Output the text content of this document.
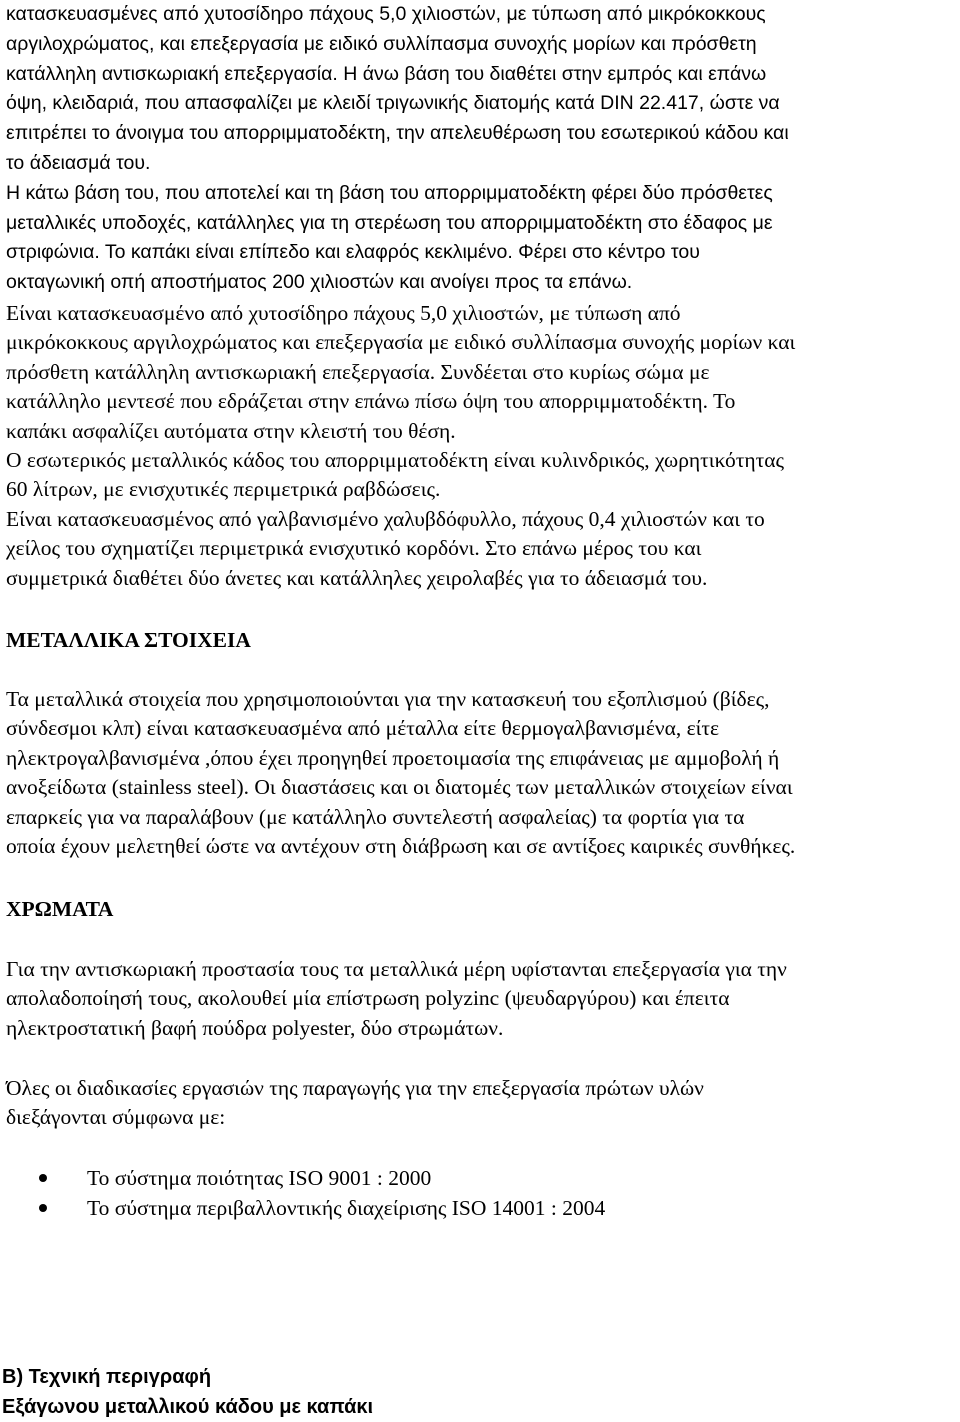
κατασκευασμένες από χυτοσίδηρο πάχους 5,0 χιλιοστών, με τύπωση από μικρόκοκκους
αργιλοχρώματος, και επεξεργασία με ειδικό συλλίπασμα συνοχής μορίων και πρόσθετη
κατάλληλη αντισκωριακή επεξεργασία. Η άνω βάση του διαθέτει στην εμπρός και επάνω
όψη, κλειδαριά, που απασφαλίζει με κλειδί τριγωνικής διατομής κατά DIN 22.417, ώστε να
επιτρέπει το άνοιγμα του απορριμματοδέκτη, την απελευθέρωση του εσωτερικού κάδου και
το άδειασμά του.
Η κάτω βάση του, που αποτελεί και τη βάση του απορριμματοδέκτη φέρει δύο πρόσθετες
μεταλλικές υποδοχές, κατάλληλες για τη στερέωση του απορριμματοδέκτη στο έδαφος με
στριφώνια. Το καπάκι είναι επίπεδο και ελαφρός κεκλιμένο. Φέρει στο κέντρο του
οκταγωνική οπή αποστήματος 200 χιλιοστών και ανοίγει προς τα επάνω.
Είναι κατασκευασμένο από χυτοσίδηρο πάχους 5,0 χιλιοστών, με τύπωση από
μικρόκοκκους αργιλοχρώματος και επεξεργασία με ειδικό συλλίπασμα συνοχής μορίων και
πρόσθετη κατάλληλη αντισκωριακή επεξεργασία. Συνδέεται στο κυρίως σώμα με
κατάλληλο μεντεσέ που εδράζεται στην επάνω πίσω όψη του απορριμματοδέκτη. Το
καπάκι ασφαλίζει αυτόματα στην κλειστή του θέση.
Ο εσωτερικός μεταλλικός κάδος του απορριμματοδέκτη είναι κυλινδρικός, χωρητικότητας
60 λίτρων, με ενισχυτικές περιμετρικά ραβδώσεις.
Είναι κατασκευασμένος από γαλβανισμένο χαλυβδόφυλλο, πάχους 0,4 χιλιοστών και το
χείλος του σχηματίζει περιμετρικά ενισχυτικό κορδόνι. Στο επάνω μέρος του και
συμμετρικά διαθέτει δύο άνετες και κατάλληλες χειρολαβές για το άδειασμά του.
ΜΕΤΑΛΛΙΚΑ ΣΤΟΙΧΕΙΑ
Τα μεταλλικά στοιχεία που χρησιμοποιούνται για την κατασκευή του εξοπλισμού (βίδες,
σύνδεσμοι κλπ) είναι κατασκευασμένα από μέταλλα είτε θερμογαλβανισμένα, είτε
ηλεκτρογαλβανισμένα ,όπου έχει προηγηθεί προετοιμασία της επιφάνειας με αμμοβολή ή
ανοξείδωτα (stainless steel). Οι διαστάσεις και οι διατομές των μεταλλικών στοιχείων είναι
επαρκείς για να παραλάβουν (με κατάλληλο συντελεστή ασφαλείας) τα φορτία για τα
οποία έχουν μελετηθεί ώστε να αντέχουν στη διάβρωση και σε αντίξοες καιρικές συνθήκες.
ΧΡΩΜΑΤΑ
Για την αντισκωριακή προστασία τους τα μεταλλικά μέρη υφίστανται επεξεργασία για την
απολαδοποίησή τους, ακολουθεί μία επίστρωση polyzinc (ψευδαργύρου) και έπειτα
ηλεκτροστατική βαφή πούδρα polyester, δύο στρωμάτων.
Όλες οι διαδικασίες εργασιών της παραγωγής για την επεξεργασία πρώτων υλών
διεξάγονται σύμφωνα με:
Το σύστημα ποιότητας ISO 9001 : 2000
Το σύστημα περιβαλλοντικής διαχείρισης ISO 14001 : 2004
B) Τεχνική περιγραφή
Εξάγωνου μεταλλικού κάδου με καπάκι
